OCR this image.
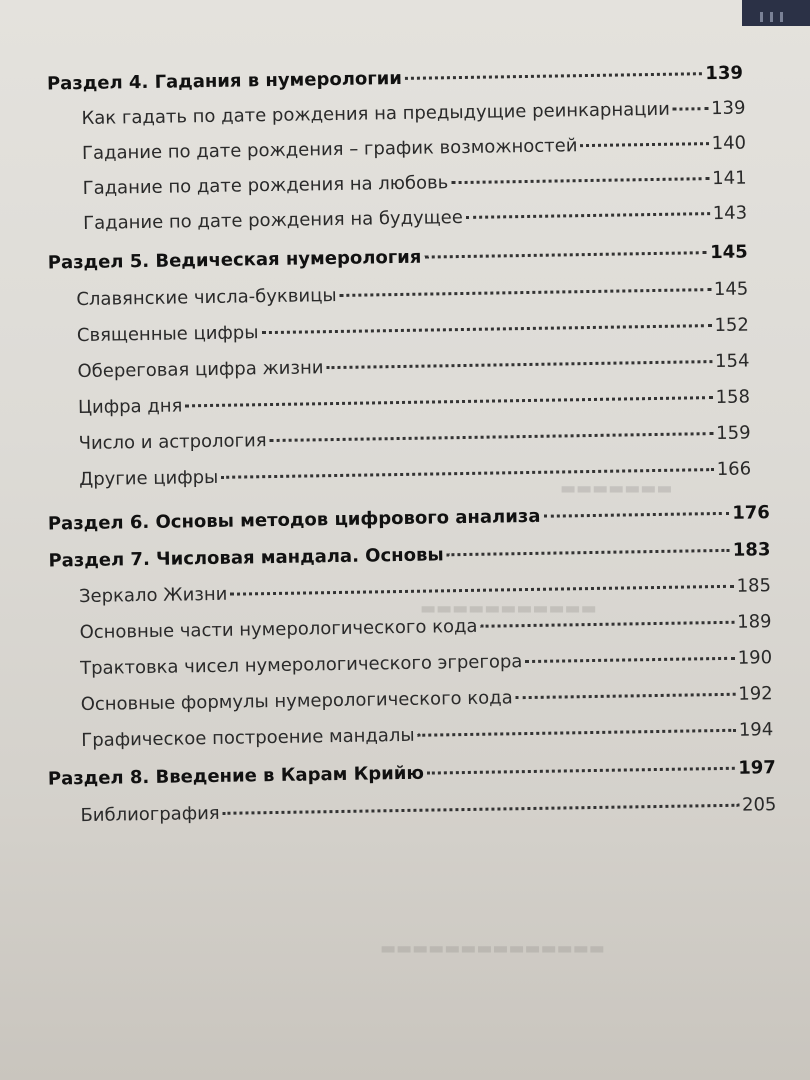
▬▬▬▬▬▬▬▬▬▬▬
▬▬▬▬▬▬▬
▬▬▬▬▬▬▬▬▬▬▬▬▬▬
Раздел 4. Гадания в нумерологии	139
Как гадать по дате рождения на предыдущие реинкарнации 139
Гадание по дате рождения – график возможностей	140
Гадание по дате рождения на любовь	141
Гадание по дате рождения на будущее	143
Раздел 5. Ведическая нумерология	145
Славянские числа-буквицы	145
Священные цифры	152
Обереговая цифра жизни	154
Цифра дня	158
Число и астрология	159
Другие цифры	166
Раздел 6. Основы методов цифрового анализа	176
Раздел 7. Числовая мандала. Основы	183
Зеркало Жизни	185
Основные части нумерологического кода	189
Трактовка чисел нумерологического эгрегора	190
Основные формулы нумерологического кода	192
Графическое построение мандалы	194
Раздел 8. Введение в Карам Крийю	197
Библиография	205
